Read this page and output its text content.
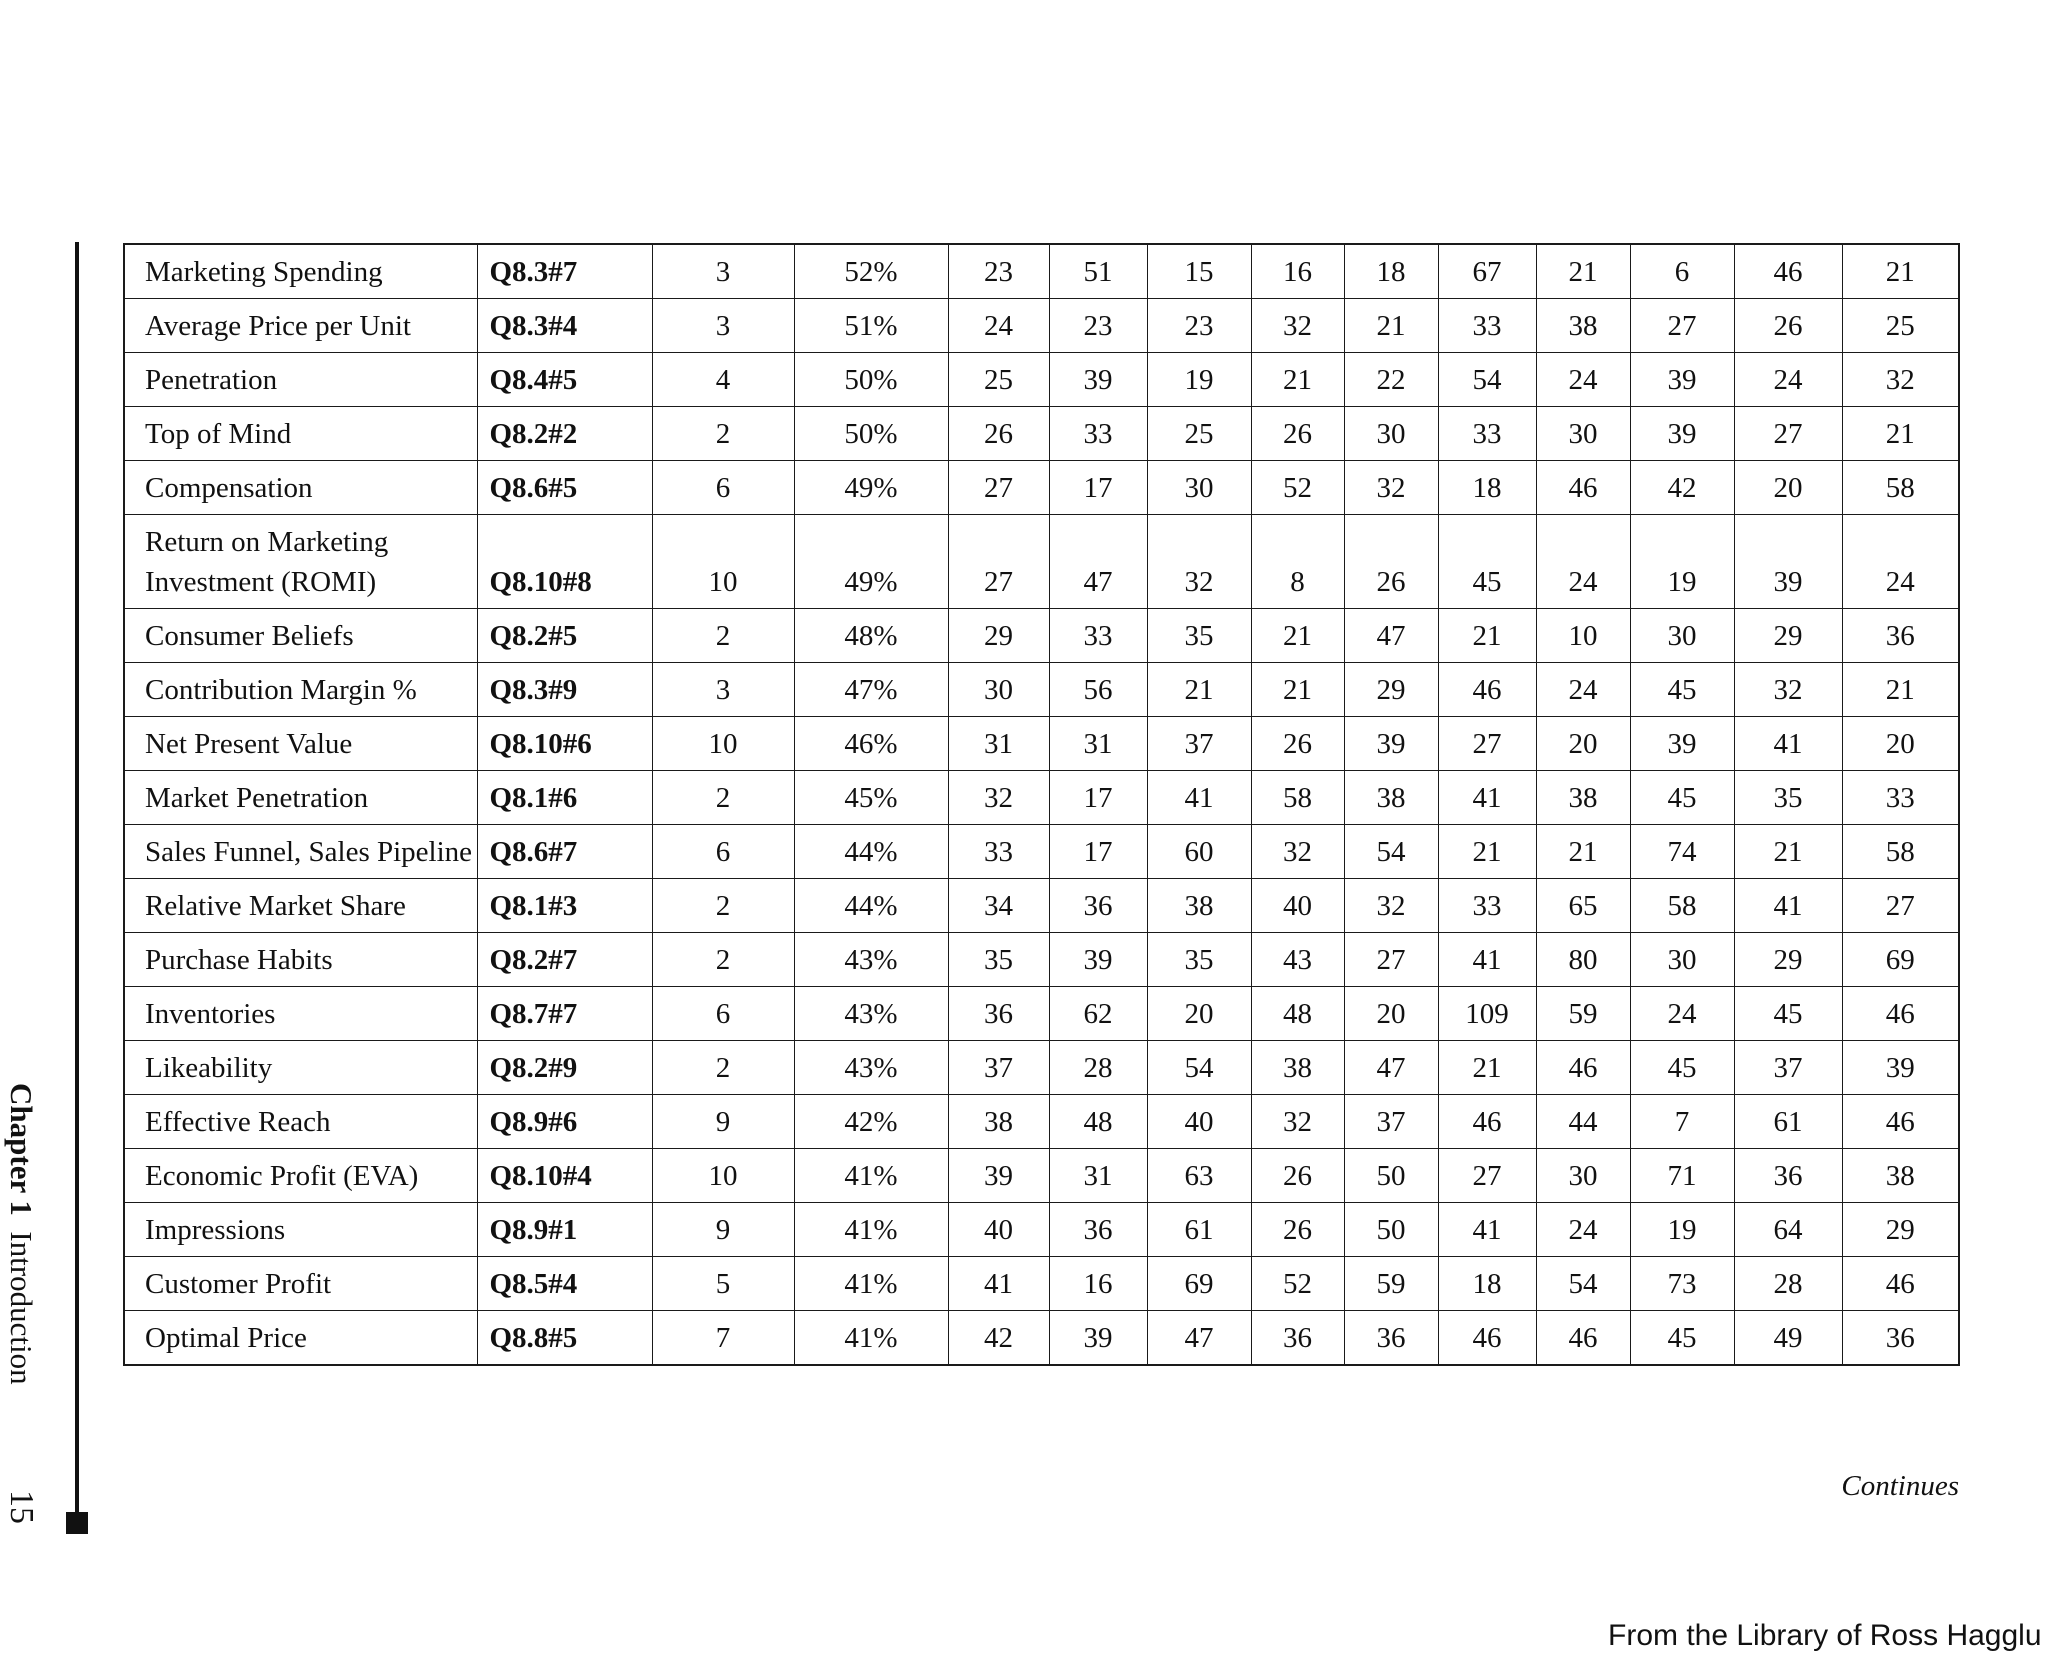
Marketing Spending	Q8.3#7	3	52%	23	51	15	16	18	67	21	6	46	21
Average Price per Unit	Q8.3#4	3	51%	24	23	23	32	21	33	38	27	26	25
Penetration	Q8.4#5	4	50%	25	39	19	21	22	54	24	39	24	32
Top of Mind	Q8.2#2	2	50%	26	33	25	26	30	33	30	39	27	21
Compensation	Q8.6#5	6	49%	27	17	30	52	32	18	46	42	20	58
Return on Marketing Investment (ROMI)	Q8.10#8	10	49%	27	47	32	8	26	45	24	19	39	24
Consumer Beliefs	Q8.2#5	2	48%	29	33	35	21	47	21	10	30	29	36
Contribution Margin %	Q8.3#9	3	47%	30	56	21	21	29	46	24	45	32	21
Net Present Value	Q8.10#6	10	46%	31	31	37	26	39	27	20	39	41	20
Market Penetration	Q8.1#6	2	45%	32	17	41	58	38	41	38	45	35	33
Sales Funnel, Sales Pipeline	Q8.6#7	6	44%	33	17	60	32	54	21	21	74	21	58
Relative Market Share	Q8.1#3	2	44%	34	36	38	40	32	33	65	58	41	27
Purchase Habits	Q8.2#7	2	43%	35	39	35	43	27	41	80	30	29	69
Inventories	Q8.7#7	6	43%	36	62	20	48	20	109	59	24	45	46
Likeability	Q8.2#9	2	43%	37	28	54	38	47	21	46	45	37	39
Effective Reach	Q8.9#6	9	42%	38	48	40	32	37	46	44	7	61	46
Economic Profit (EVA)	Q8.10#4	10	41%	39	31	63	26	50	27	30	71	36	38
Impressions	Q8.9#1	9	41%	40	36	61	26	50	41	24	19	64	29
Customer Profit	Q8.5#4	5	41%	41	16	69	52	59	18	54	73	28	46
Optimal Price	Q8.8#5	7	41%	42	39	47	36	36	46	46	45	49	36
Chapter 1  Introduction
15
Continues
From the Library of Ross Hagglu
